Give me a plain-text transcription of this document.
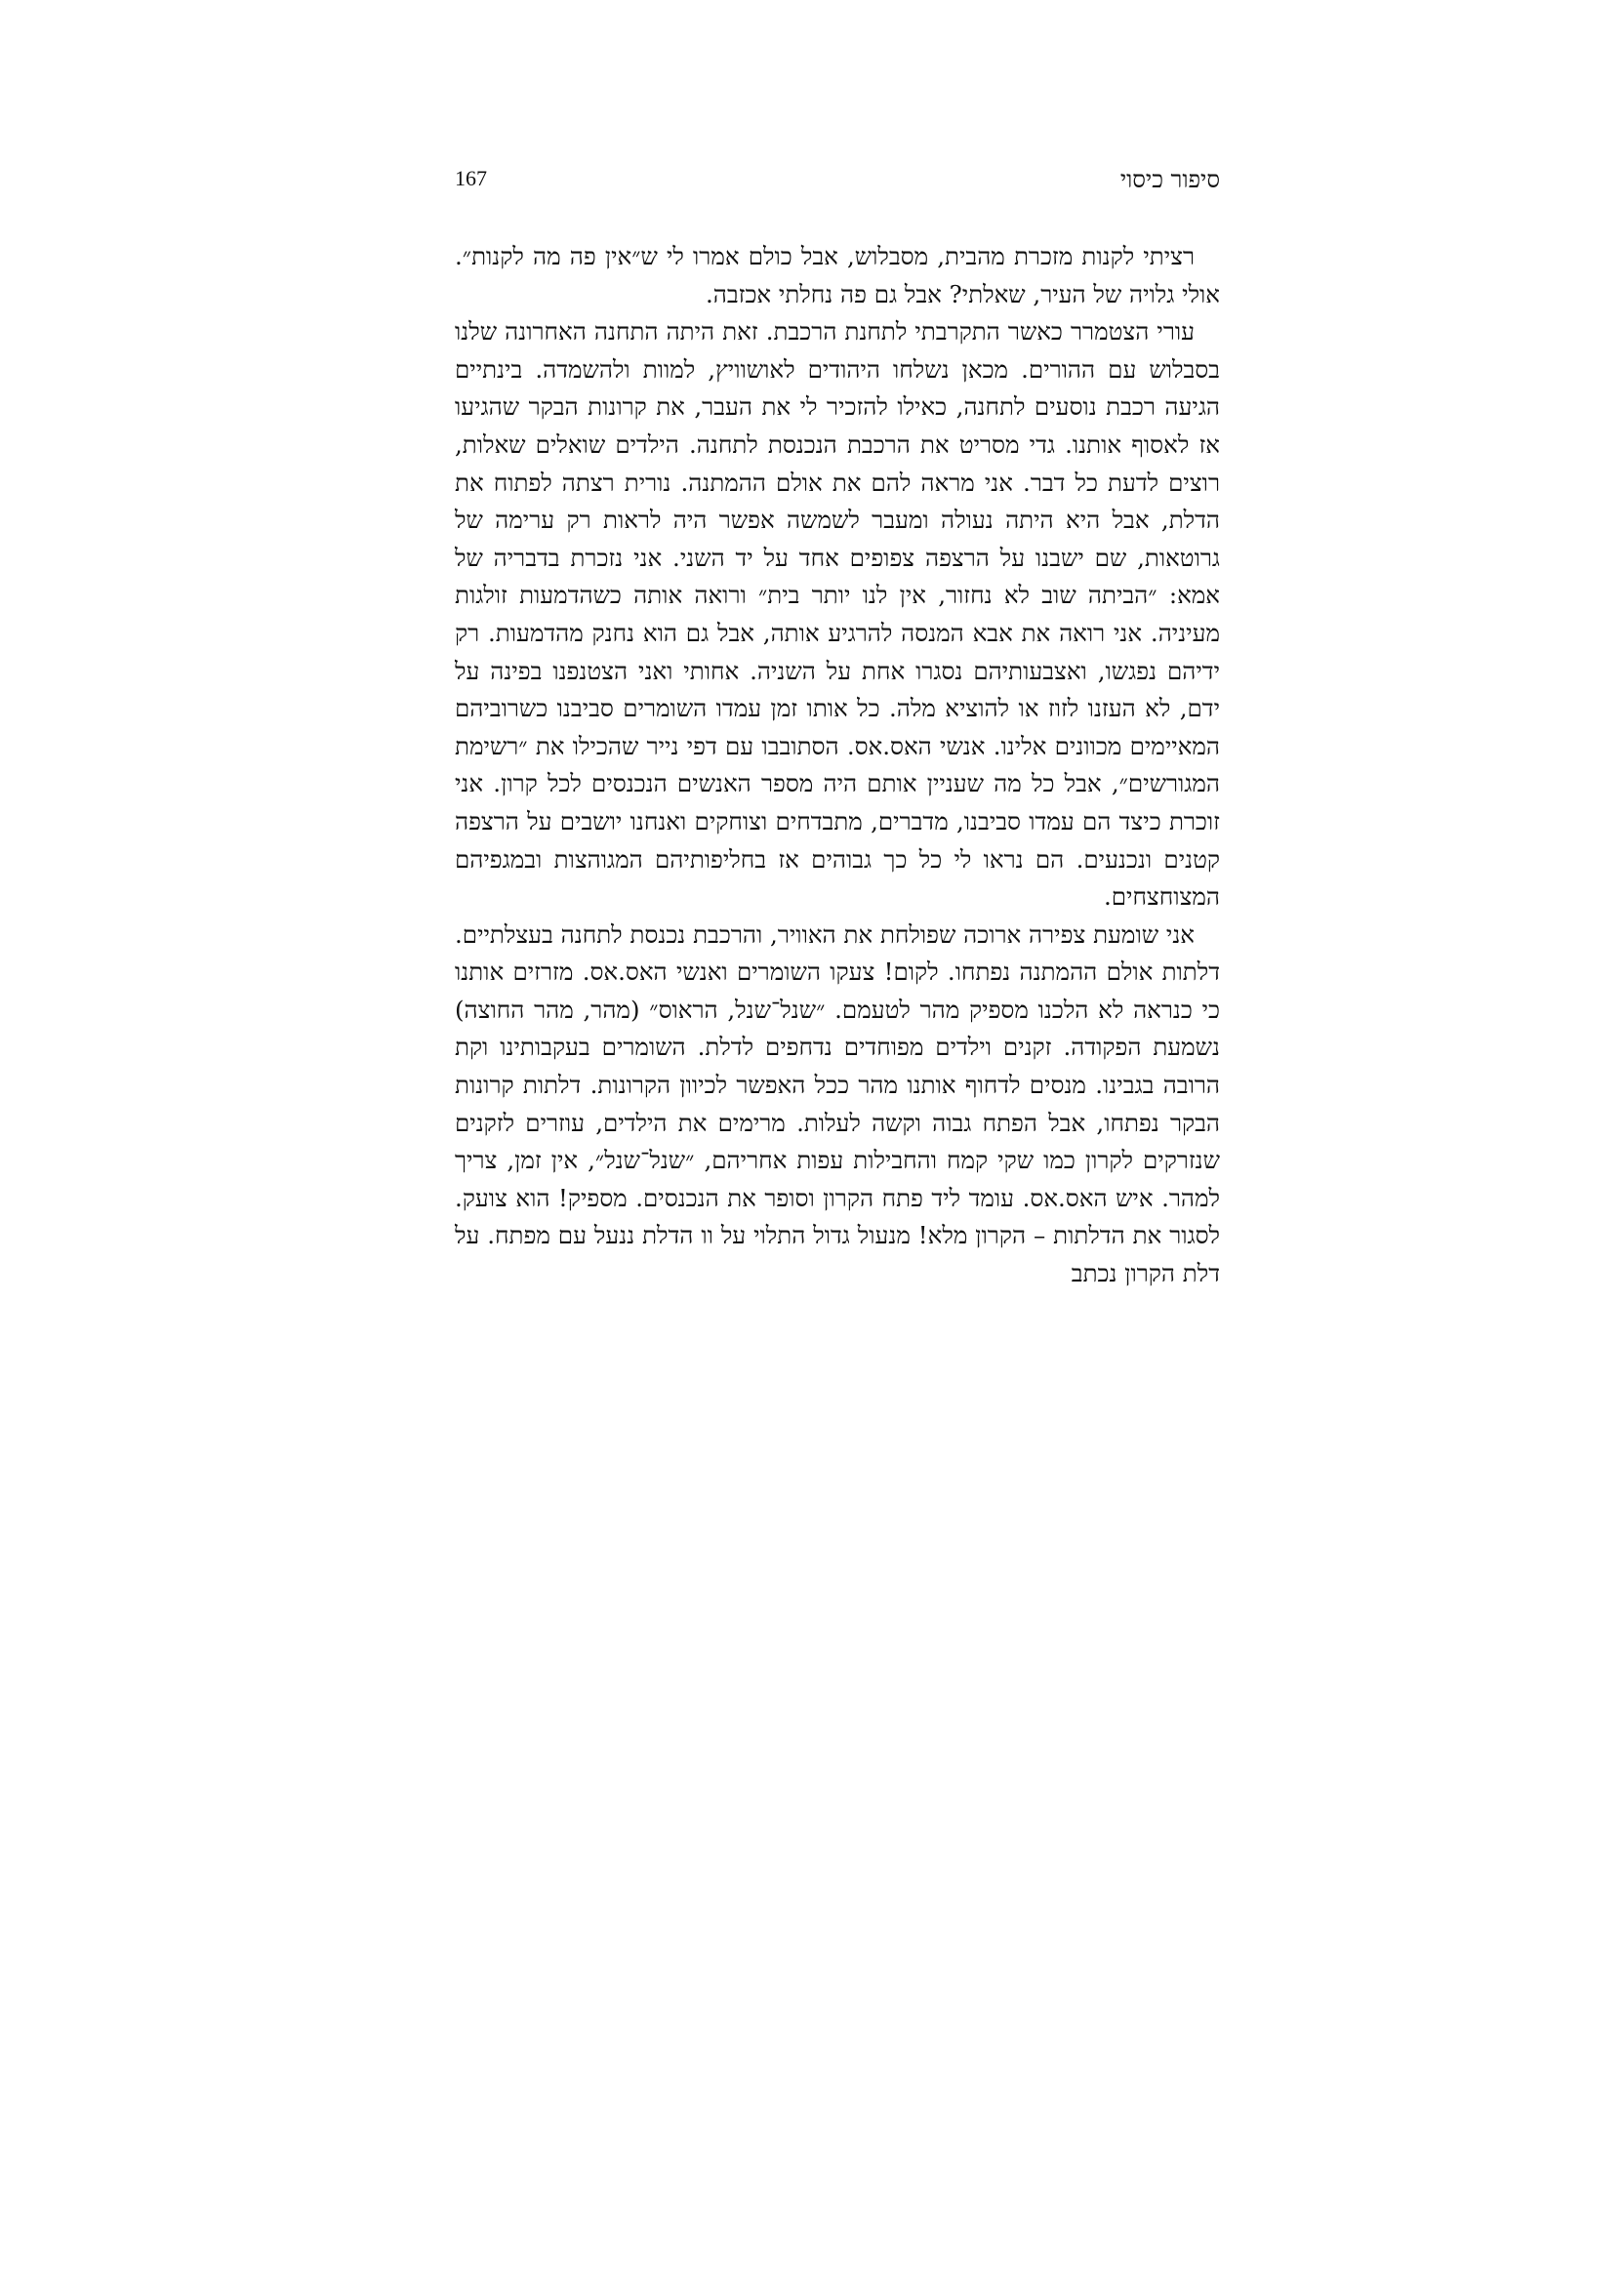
167	סיפור כיסוי

רציתי לקנות מזכרת מהבית, מסבלוש, אבל כולם אמרו לי ש״אין פה מה לקנות״. אולי גלויה של העיר, שאלתי? אבל גם פה נחלתי אכזבה.

עורי הצטמרר כאשר התקרבתי לתחנת הרכבת. זאת היתה התחנה האחרונה שלנו בסבלוש עם ההורים. מכאן נשלחו היהודים לאושוויץ, למוות ולהשמדה. בינתיים הגיעה רכבת נוסעים לתחנה, כאילו להזכיר לי את העבר, את קרונות הבקר שהגיעו אז לאסוף אותנו. גדי מסריט את הרכבת הנכנסת לתחנה. הילדים שואלים שאלות, רוצים לדעת כל דבר. אני מראה להם את אולם ההמתנה. נורית רצתה לפתוח את הדלת, אבל היא היתה נעולה ומעבר לשמשה אפשר היה לראות רק ערימה של גרוטאות, שם ישבנו על הרצפה צפופים אחד על יד השני. אני נזכרת בדבריה של אמא: ״הביתה שוב לא נחזור, אין לנו יותר בית״ ורואה אותה כשהדמעות זולגות מעיניה. אני רואה את אבא המנסה להרגיע אותה, אבל גם הוא נחנק מהדמעות. רק ידיהם נפגשו, ואצבעותיהם נסגרו אחת על השניה. אחותי ואני הצטנפנו בפינה על ידם, לא העזנו לזוז או להוציא מלה. כל אותו זמן עמדו השומרים סביבנו כשרוביהם המאיימים מכוונים אלינו. אנשי האס.אס. הסתובבו עם דפי נייר שהכילו את ״רשימת המגורשים״, אבל כל מה שעניין אותם היה מספר האנשים הנכנסים לכל קרון. אני זוכרת כיצד הם עמדו סביבנו, מדברים, מתבדחים וצוחקים ואנחנו יושבים על הרצפה קטנים ונכנעים. הם נראו לי כל כך גבוהים אז בחליפותיהם המגוהצות ובמגפיהם המצוחצחים.

אני שומעת צפירה ארוכה שפולחת את האוויר, והרכבת נכנסת לתחנה בעצלתיים. דלתות אולם ההמתנה נפתחו. לקום! צעקו השומרים ואנשי האס.אס. מזרזים אותנו כי כנראה לא הלכנו מספיק מהר לטעמם. ״שנל־שנל, הראוס״ (מהר, מהר החוצה) נשמעת הפקודה. זקנים וילדים מפוחדים נדחפים לדלת. השומרים בעקבותינו וקת הרובה בגבינו. מנסים לדחוף אותנו מהר ככל האפשר לכיוון הקרונות. דלתות קרונות הבקר נפתחו, אבל הפתח גבוה וקשה לעלות. מרימים את הילדים, עוזרים לזקנים שנזרקים לקרון כמו שקי קמח והחבילות עפות אחריהם, ״שנל־שנל״, אין זמן, צריך למהר. איש האס.אס. עומד ליד פתח הקרון וסופר את הנכנסים. מספיק! הוא צועק. לסגור את הדלתות – הקרון מלא! מנעול גדול התלוי על וו הדלת ננעל עם מפתח. על דלת הקרון נכתב
